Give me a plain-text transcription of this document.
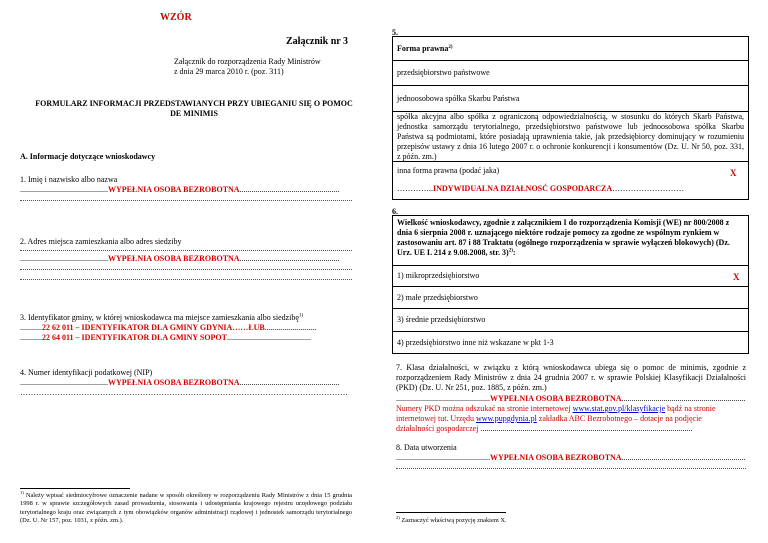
WZÓR
Załącznik nr 3
Załącznik do rozporządzenia Rady Ministrów
z dnia 29 marca 2010 r. (poz. 311)
FORMULARZ INFORMACJI PRZEDSTAWIANYCH PRZY UBIEGANIU SIĘ O POMOC
DE MINIMIS
A. Informacje dotyczące wnioskodawcy
1. Imię i nazwisko albo nazwa
............................................WYPEŁNIA OSOBA BEZROBOTNA..................................................
2. Adres miejsca zamieszkania albo adres siedziby
............................................WYPEŁNIA OSOBA BEZROBOTNA..................................................
3. Identyfikator gminy, w której wnioskodawca ma miejsce zamieszkania albo siedzibę$^{1)}$
...........22 62 011 – IDENTYFIKATOR DLA GMINY GDYNIA……ŁUB..........................
...........22 64 011 – IDENTYFIKATOR DLA GMINY SOPOT..........................................
4. Numer identyfikacji podatkowej (NIP)
............................................WYPEŁNIA OSOBA BEZROBOTNA..................................................
……………………………………………………………………………………………………………
$^{1)}$ Należy wpisać siedmiocyfrowe oznaczenie nadane w sposób określony w rozporządzeniu Rady Ministrów z dnia 15 grudnia 1998 r. w sprawie szczegółowych zasad prowadzenia, stosowania i udostępniania krajowego rejestru urzędowego podziału terytorialnego kraju oraz związanych z tym obowiązków organów administracji rządowej i jednostek samorządu terytorialnego (Dz. U. Nr 157, poz. 1031, z późn. zm.).
5.
Forma prawna 2)
przedsiębiorstwo państwowe
jednoosobowa spółka Skarbu Państwa
spółka akcyjna albo spółka z ograniczoną odpowiedzialnością, w stosunku do których Skarb Państwa, jednostka samorządu terytorialnego, przedsiębiorstwo państwowe lub jednoosobowa spółka Skarbu Państwa są podmiotami, które posiadają uprawnienia takie, jak przedsiębiorcy dominujący w rozumieniu przepisów ustawy z dnia 16 lutego 2007 r. o ochronie konkurencji i konsumentów (Dz. U. Nr 50, poz. 331, z późn. zm.)
inna forma prawna (podać jaka)
…………..INDYWIDUALNA DZIAŁNOSĆ GOSPODARCZA………………………
X
6.
Wielkość wnioskodawcy, zgodnie z załącznikiem I do rozporządzenia Komisji (WE) nr 800/2008 z dnia 6 sierpnia 2008 r. uznającego niektóre rodzaje pomocy za zgodne ze wspólnym rynkiem w zastosowaniu art. 87 i 88 Traktatu (ogólnego rozporządzenia w sprawie wyłączeń blokowych) (Dz. Urz. UE L 214 z 9.08.2008, str. 3)$^{2)}$:
1) mikroprzedsiębiorstwo	X
2) małe przedsiębiorstwo
3) średnie przedsiębiorstwo
4) przedsiębiorstwo inne niż wskazane w pkt 1-3
7. Klasa działalności, w związku z którą wnioskodawca ubiega się o pomoc de minimis, zgodnie z rozporządzeniem Rady Ministrów z dnia 24 grudnia 2007 r. w sprawie Polskiej Klasyfikacji Działalności (PKD) (Dz. U. Nr 251, poz. 1885, z późn. zm.)
...............................................WYPEŁNIA OSOBA BEZROBOTNA..............................................................
Numery PKD można odszukać na stronie internetowej www.stat.gov.pl/klasyfikacje bądź na stronie
internetowej tut. Urzędu www.pupgdynia.pl zakładka ABC Bezrobotnego – dotacje na podjęcie
działalności gospodarczej ..........................................................................................................
8. Data utworzenia
...............................................WYPEŁNIA OSOBA BEZROBOTNA..............................................................
$^{2)}$ Zaznaczyć właściwą pozycję znakiem X.
